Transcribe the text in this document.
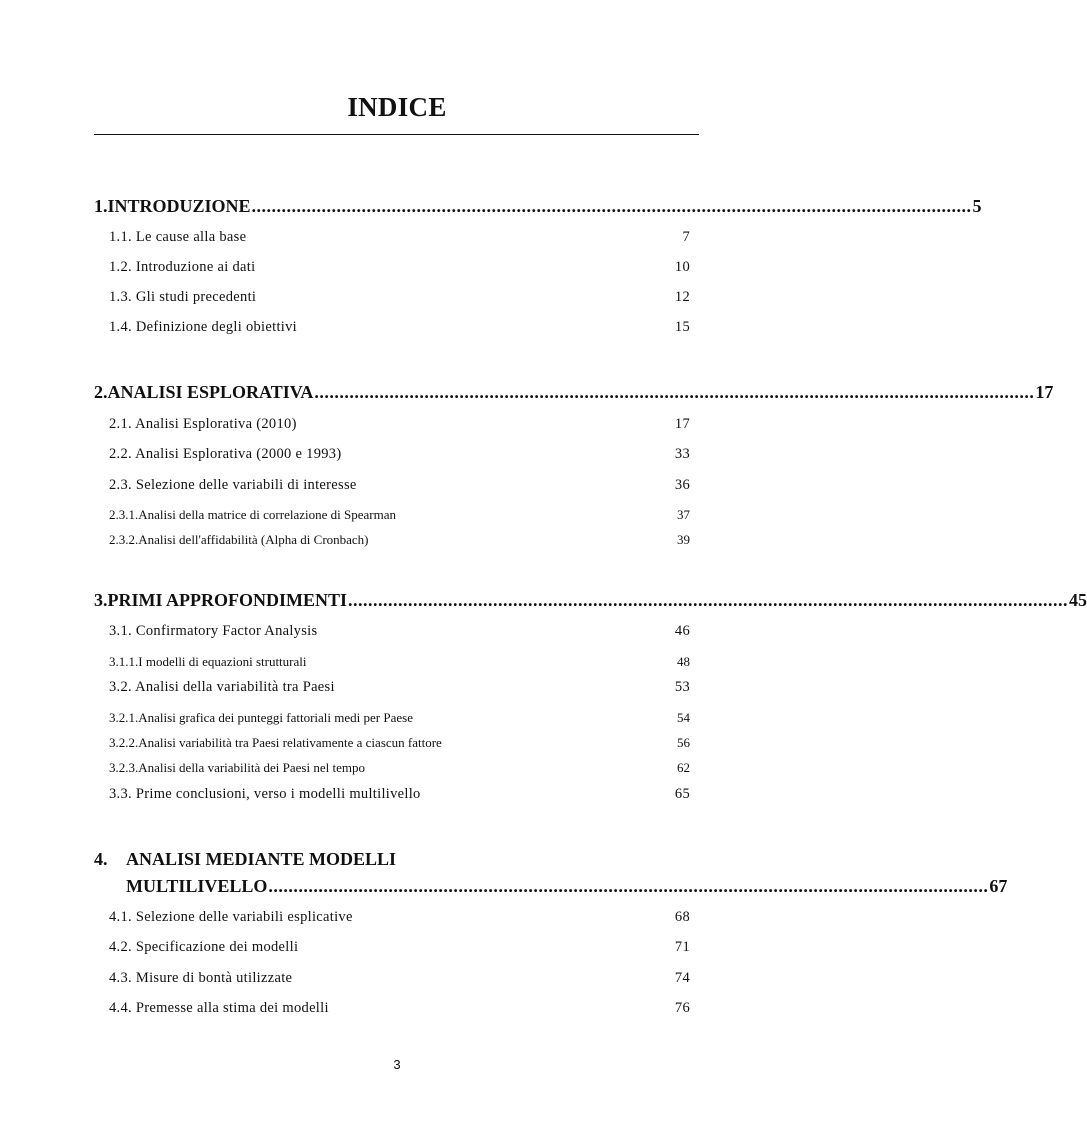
INDICE
1. INTRODUZIONE ................................................................................................................................................ 5
1.1. Le cause alla base	7
1.2. Introduzione ai dati	10
1.3. Gli studi precedenti	12
1.4. Definizione degli obiettivi	15
2. ANALISI ESPLORATIVA ................................................................................................................................................ 17
2.1. Analisi Esplorativa (2010)	17
2.2. Analisi Esplorativa (2000 e 1993)	33
2.3. Selezione delle variabili di interesse	36
2.3.1.Analisi della matrice di correlazione di Spearman	37
2.3.2.Analisi dell'affidabilità (Alpha di Cronbach)	39
3. PRIMI APPROFONDIMENTI ................................................................................................................................................ 45
3.1. Confirmatory Factor Analysis	46
3.1.1.I modelli di equazioni strutturali	48
3.2. Analisi della variabilità tra Paesi	53
3.2.1.Analisi grafica dei punteggi fattoriali medi per Paese	54
3.2.2.Analisi variabilità tra Paesi relativamente a ciascun fattore	56
3.2.3.Analisi della variabilità dei Paesi nel tempo	62
3.3. Prime conclusioni, verso i modelli multilivello	65
4.	ANALISI MEDIANTE MODELLI
MULTILIVELLO ................................................................................................................................................ 67
4.1. Selezione delle variabili esplicative	68
4.2. Specificazione dei modelli	71
4.3. Misure di bontà utilizzate	74
4.4. Premesse alla stima dei modelli	76
3
